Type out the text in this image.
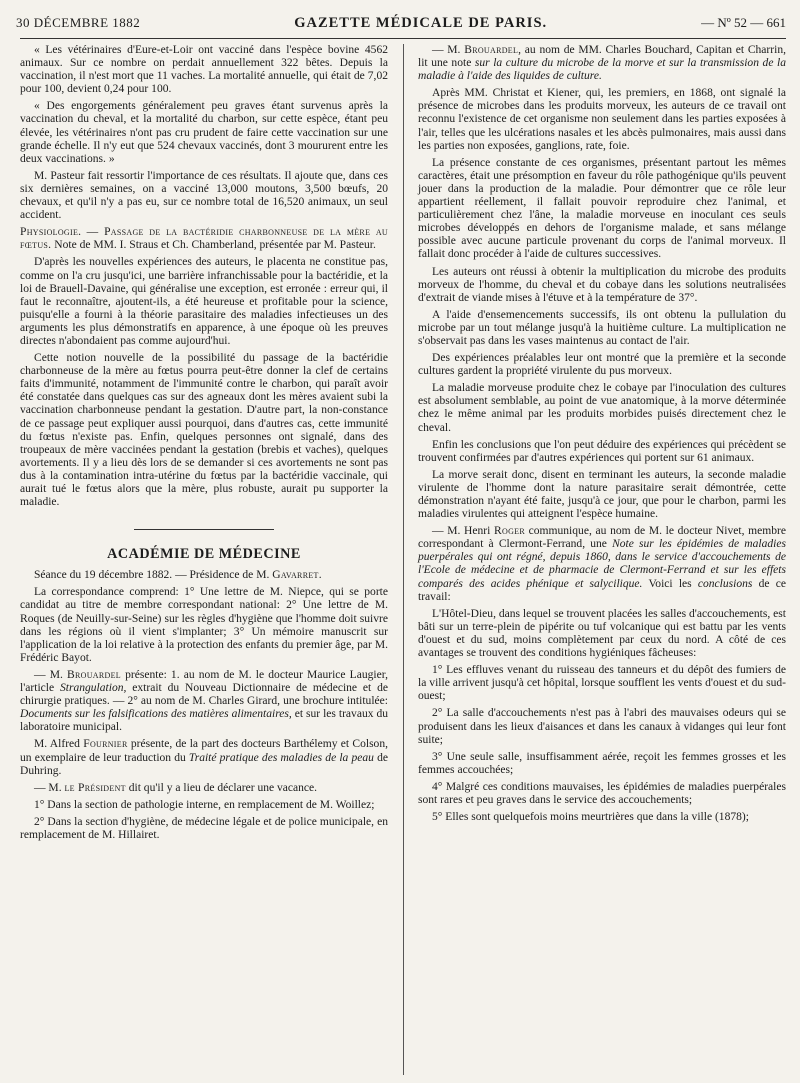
30 DÉCEMBRE 1882	GAZETTE MÉDICALE DE PARIS.	— Nº 52 — 661

« Les vétérinaires d'Eure-et-Loir ont vacciné dans l'espèce bovine 4562 animaux. Sur ce nombre on perdait annuellement 322 bêtes. Depuis la vaccination, il n'est mort que 11 vaches. La mortalité annuelle, qui était de 7,02 pour 100, devient 0,24 pour 100.

« Des engorgements généralement peu graves étant survenus après la vaccination du cheval, et la mortalité du charbon, sur cette espèce, étant peu élevée, les vétérinaires n'ont pas cru prudent de faire cette vaccination sur une grande échelle. Il n'y eut que 524 chevaux vaccinés, dont 3 moururent entre les deux vaccinations. »

M. Pasteur fait ressortir l'importance de ces résultats. Il ajoute que, dans ces six dernières semaines, on a vacciné 13,000 moutons, 3,500 bœufs, 20 chevaux, et qu'il n'y a pas eu, sur ce nombre total de 16,520 animaux, un seul accident.

Physiologie. — Passage de la bactéridie charbonneuse de la mère au fœtus. Note de MM. I. Straus et Ch. Chamberland, présentée par M. Pasteur.

D'après les nouvelles expériences des auteurs, le placenta ne constitue pas, comme on l'a cru jusqu'ici, une barrière infranchissable pour la bactéridie, et la loi de Brauell-Davaine, qui généralise une exception, est erronée : erreur qui, il faut le reconnaître, ajoutent-ils, a été heureuse et profitable pour la science, puisqu'elle a fourni à la théorie parasitaire des maladies infectieuses un des arguments les plus démonstratifs en apparence, à une époque où les preuves directes n'abondaient pas comme aujourd'hui.

Cette notion nouvelle de la possibilité du passage de la bactéridie charbonneuse de la mère au fœtus pourra peut-être donner la clef de certains faits d'immunité, notamment de l'immunité contre le charbon, qui paraît avoir été constatée dans quelques cas sur des agneaux dont les mères avaient subi la vaccination charbonneuse pendant la gestation. D'autre part, la non-constance de ce passage peut expliquer aussi pourquoi, dans d'autres cas, cette immunité du fœtus n'existe pas. Enfin, quelques personnes ont signalé, dans des troupeaux de mère vaccinées pendant la gestation (brebis et vaches), quelques avortements. Il y a lieu dès lors de se demander si ces avortements ne sont pas dus à la contamination intra-utérine du fœtus par la bactéridie vaccinale, qui aurait tué le fœtus alors que la mère, plus robuste, aurait pu supporter la maladie.

ACADÉMIE DE MÉDECINE

Séance du 19 décembre 1882. — Présidence de M. Gavarret.

La correspondance comprend: 1° Une lettre de M. Niepce, qui se porte candidat au titre de membre correspondant national: 2° Une lettre de M. Roques (de Neuilly-sur-Seine) sur les règles d'hygiène que l'homme doit suivre dans les régions où il vient s'implanter; 3° Un mémoire manuscrit sur l'application de la loi relative à la protection des enfants du premier âge, par M. Frédéric Bayot.

— M. Brouardel présente: 1. au nom de M. le docteur Maurice Laugier, l'article Strangulation, extrait du Nouveau Dictionnaire de médecine et de chirurgie pratiques. — 2° au nom de M. Charles Girard, une brochure intitulée: Documents sur les falsifications des matières alimentaires, et sur les travaux du laboratoire municipal.

M. Alfred Fournier présente, de la part des docteurs Barthélemy et Colson, un exemplaire de leur traduction du Traité pratique des maladies de la peau de Duhring.

— M. le Président dit qu'il y a lieu de déclarer une vacance.

1° Dans la section de pathologie interne, en remplacement de M. Woillez;

2° Dans la section d'hygiène, de médecine légale et de police municipale, en remplacement de M. Hillairet.

— M. Brouardel, au nom de MM. Charles Bouchard, Capitan et Charrin, lit une note sur la culture du microbe de la morve et sur la transmission de la maladie à l'aide des liquides de culture.

Après MM. Christat et Kiener, qui, les premiers, en 1868, ont signalé la présence de microbes dans les produits morveux, les auteurs de ce travail ont reconnu l'existence de cet organisme non seulement dans les parties exposées à l'air, telles que les ulcérations nasales et les abcès pulmonaires, mais aussi dans les parties non exposées, ganglions, rate, foie.

La présence constante de ces organismes, présentant partout les mêmes caractères, était une présomption en faveur du rôle pathogénique qu'ils peuvent jouer dans la production de la maladie. Pour démontrer que ce rôle leur appartient réellement, il fallait pouvoir reproduire chez l'animal, et particulièrement chez l'âne, la maladie morveuse en inoculant ces seuls microbes développés en dehors de l'organisme malade, et sans mélange possible avec aucune particule provenant du corps de l'animal morveux. Il fallait donc procéder à l'aide de cultures successives.

Les auteurs ont réussi à obtenir la multiplication du microbe des produits morveux de l'homme, du cheval et du cobaye dans les solutions neutralisées d'extrait de viande mises à l'étuve et à la température de 37°.

A l'aide d'ensemencements successifs, ils ont obtenu la pullulation du microbe par un tout mélange jusqu'à la huitième culture. La multiplication ne s'observait pas dans les vases maintenus au contact de l'air.

Des expériences préalables leur ont montré que la première et la seconde cultures gardent la propriété virulente du pus morveux.

La maladie morveuse produite chez le cobaye par l'inoculation des cultures est absolument semblable, au point de vue anatomique, à la morve déterminée chez le même animal par les produits morbides puisés directement chez le cheval.

Enfin les conclusions que l'on peut déduire des expériences qui précèdent se trouvent confirmées par d'autres expériences qui portent sur 61 animaux.

La morve serait donc, disent en terminant les auteurs, la seconde maladie virulente de l'homme dont la nature parasitaire serait démontrée, cette démonstration n'ayant été faite, jusqu'à ce jour, que pour le charbon, parmi les maladies virulentes qui atteignent l'espèce humaine.

— M. Henri Roger communique, au nom de M. le docteur Nivet, membre correspondant à Clermont-Ferrand, une Note sur les épidémies de maladies puerpérales qui ont régné, depuis 1860, dans le service d'accouchements de l'Ecole de médecine et de pharmacie de Clermont-Ferrand et sur les effets comparés des acides phénique et salycilique. Voici les conclusions de ce travail:

L'Hôtel-Dieu, dans lequel se trouvent placées les salles d'accouchements, est bâti sur un terre-plein de pipérite ou tuf volcanique qui est battu par les vents d'ouest et du sud, moins complètement par ceux du nord. A côté de ces avantages se trouvent des conditions hygiéniques fâcheuses:

1° Les effluves venant du ruisseau des tanneurs et du dépôt des fumiers de la ville arrivent jusqu'à cet hôpital, lorsque soufflent les vents d'ouest et du sud-ouest;

2° La salle d'accouchements n'est pas à l'abri des mauvaises odeurs qui se produisent dans les lieux d'aisances et dans les canaux à vidanges qui leur font suite;

3° Une seule salle, insuffisamment aérée, reçoit les femmes grosses et les femmes accouchées;

4° Malgré ces conditions mauvaises, les épidémies de maladies puerpérales sont rares et peu graves dans le service des accouchements;

5° Elles sont quelquefois moins meurtrières que dans la ville (1878);
